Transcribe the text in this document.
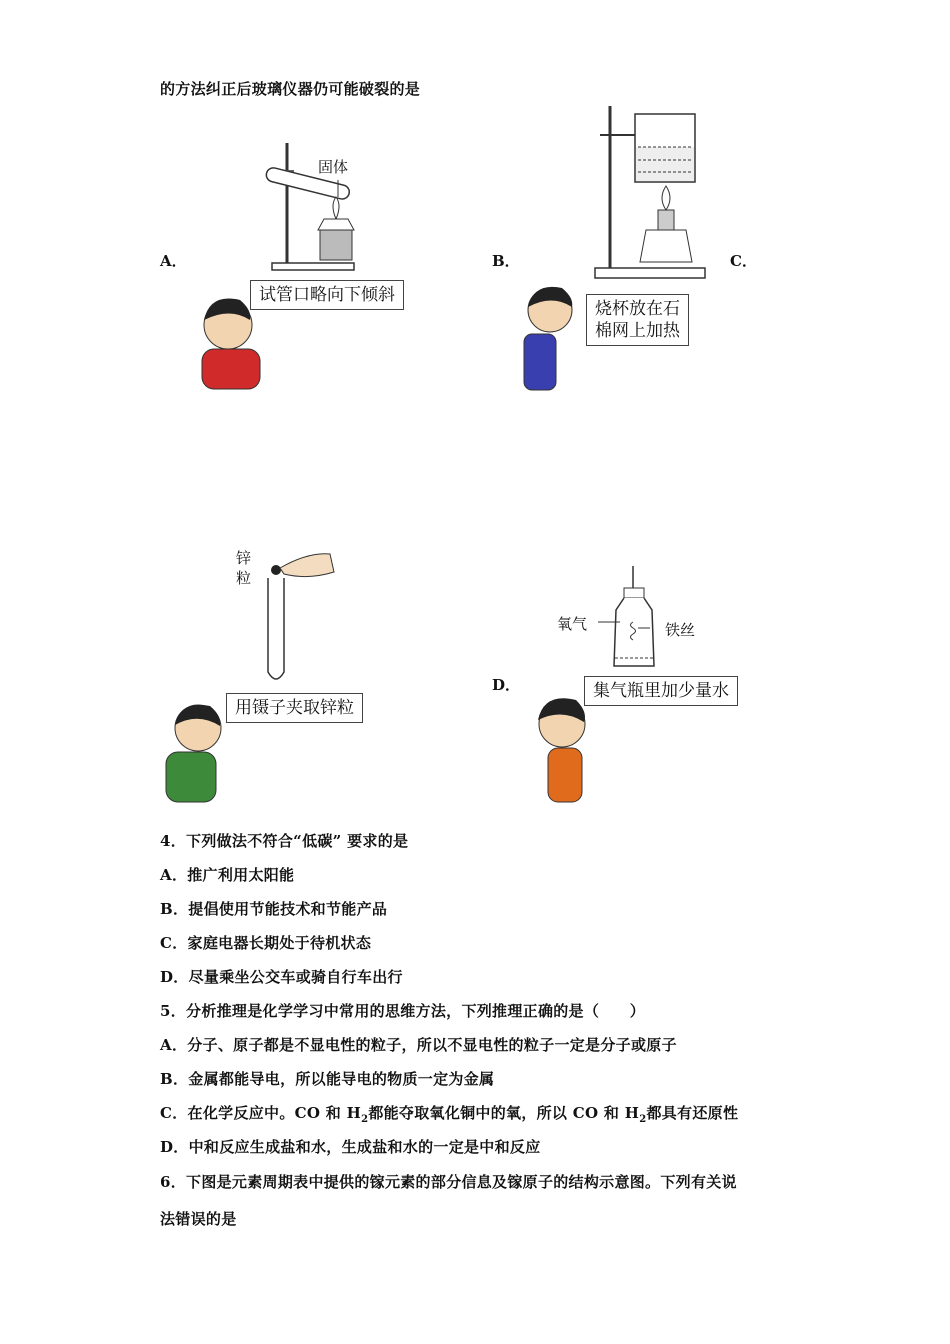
的方法纠正后玻璃仪器仍可能破裂的是
A．
固体
试管口略向下倾斜
B．
烧杯放在石
棉网上加热
C．
锌
粒
用镊子夹取锌粒
D．
氧气	铁丝
集气瓶里加少量水
4．下列做法不符合“低碳” 要求的是
A．推广利用太阳能
B．提倡使用节能技术和节能产品
C．家庭电器长期处于待机状态
D．尽量乘坐公交车或骑自行车出行
5．分析推理是化学学习中常用的思维方法，下列推理正确的是（　　）
A．分子、原子都是不显电性的粒子，所以不显电性的粒子一定是分子或原子
B．金属都能导电，所以能导电的物质一定为金属
C．在化学反应中。CO 和 $H_2$都能夺取氧化铜中的氧，所以 CO 和 $H_2$都具有还原性
D．中和反应生成盐和水，生成盐和水的一定是中和反应
6．下图是元素周期表中提供的镓元素的部分信息及镓原子的结构示意图。下列有关说
法错误的是
